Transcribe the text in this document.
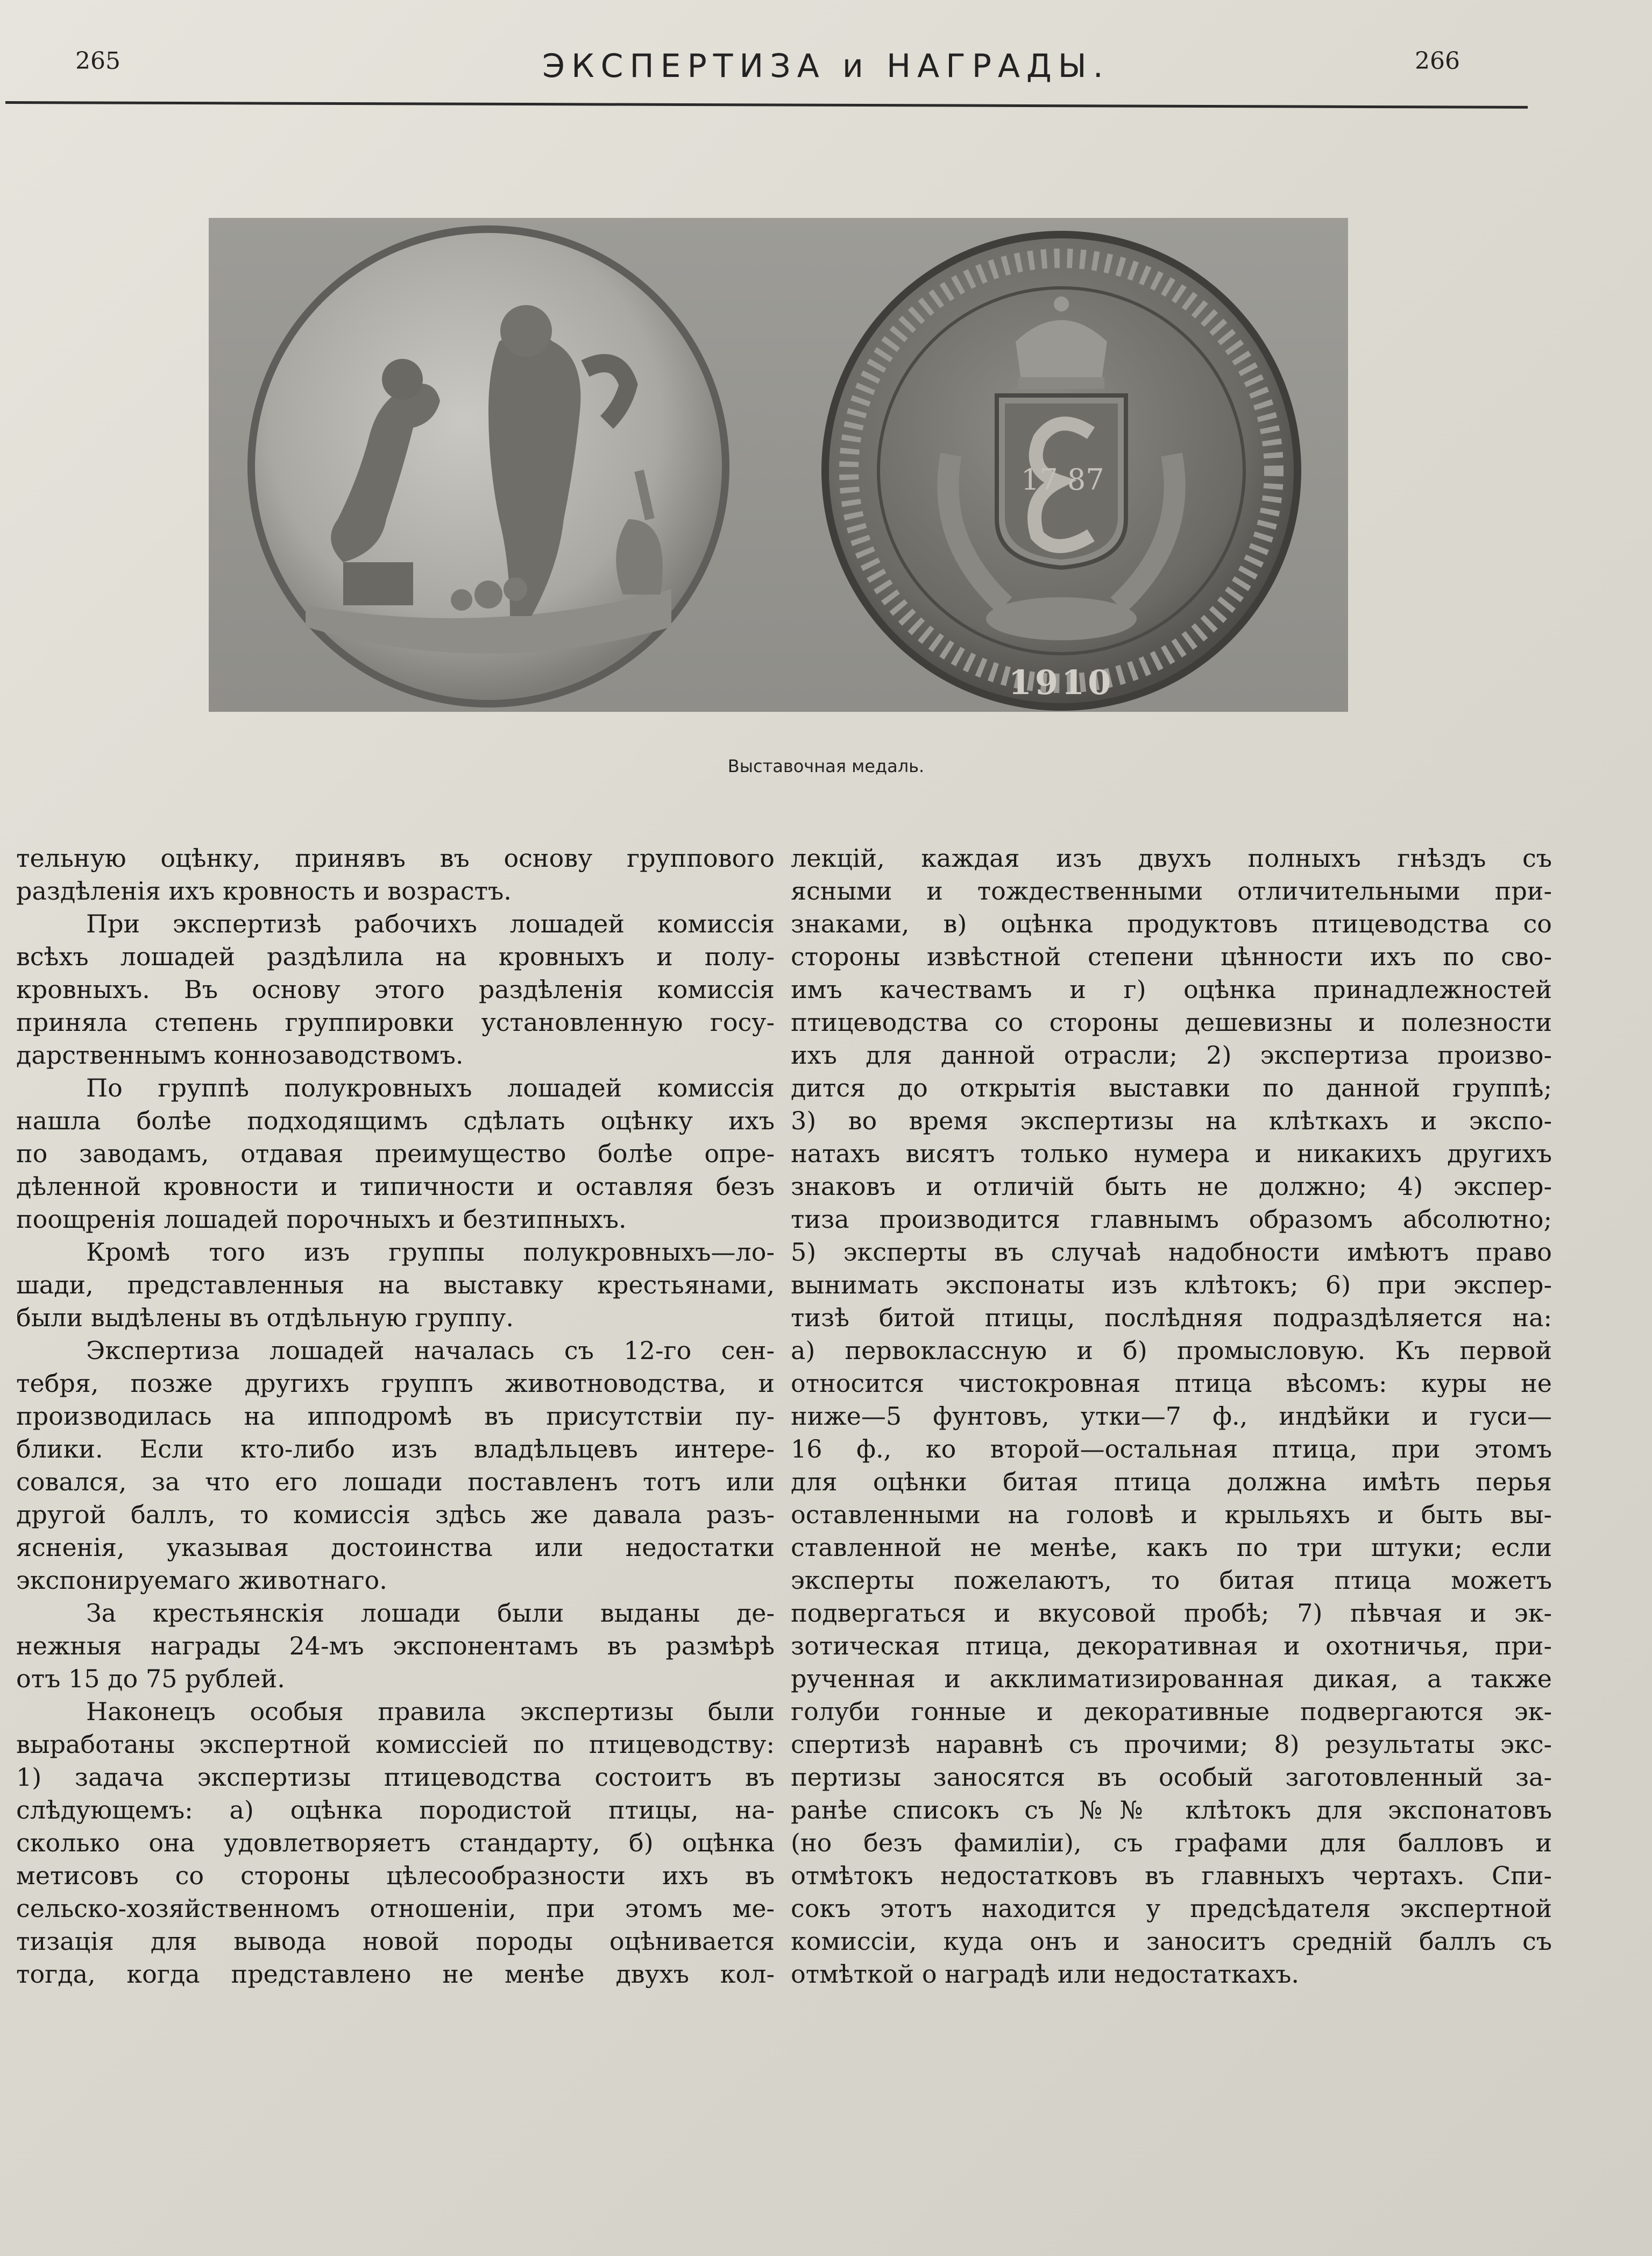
265	ЭКСПЕРТИЗА и НАГРАДЫ.	266
17 87
1910
Выставочная медаль.
тельную оцѣнку, принявъ въ основу группового
раздѣленія ихъ кровность и возрастъ.
При экспертизѣ рабочихъ лошадей комиссія
всѣхъ лошадей раздѣлила на кровныхъ и полу-
кровныхъ. Въ основу этого раздѣленія комиссія
приняла степень группировки установленную госу-
дарственнымъ коннозаводствомъ.
По группѣ полукровныхъ лошадей комиссія
нашла болѣе подходящимъ сдѣлать оцѣнку ихъ
по заводамъ, отдавая преимущество болѣе опре-
дѣленной кровности и типичности и оставляя безъ
поощренія лошадей порочныхъ и безтипныхъ.
Кромѣ того изъ группы полукровныхъ—ло-
шади, представленныя на выставку крестьянами,
были выдѣлены въ отдѣльную группу.
Экспертиза лошадей началась съ 12-го сен-
тебря, позже другихъ группъ животноводства, и
производилась на ипподромѣ въ присутствіи пу-
блики. Если кто-либо изъ владѣльцевъ интере-
совался, за что его лошади поставленъ тотъ или
другой баллъ, то комиссія здѣсь же давала разъ-
ясненія, указывая достоинства или недостатки
экспонируемаго животнаго.
За крестьянскія лошади были выданы де-
нежныя награды 24-мъ экспонентамъ въ размѣрѣ
отъ 15 до 75 рублей.
Наконецъ особыя правила экспертизы были
выработаны экспертной комиссіей по птицеводству:
1) задача экспертизы птицеводства состоитъ въ
слѣдующемъ: а) оцѣнка породистой птицы, на-
сколько она удовлетворяетъ стандарту, б) оцѣнка
метисовъ со стороны цѣлесообразности ихъ въ
сельско-хозяйственномъ отношеніи, при этомъ ме-
тизація для вывода новой породы оцѣнивается
тогда, когда представлено не менѣе двухъ кол-
лекцій, каждая изъ двухъ полныхъ гнѣздъ съ
ясными и тождественными отличительными при-
знаками, в) оцѣнка продуктовъ птицеводства со
стороны извѣстной степени цѣнности ихъ по сво-
имъ качествамъ и г) оцѣнка принадлежностей
птицеводства со стороны дешевизны и полезности
ихъ для данной отрасли; 2) экспертиза произво-
дится до открытія выставки по данной группѣ;
3) во время экспертизы на клѣткахъ и экспо-
натахъ висятъ только нумера и никакихъ другихъ
знаковъ и отличій быть не должно; 4) экспер-
тиза производится главнымъ образомъ абсолютно;
5) эксперты въ случаѣ надобности имѣютъ право
вынимать экспонаты изъ клѣтокъ; 6) при экспер-
тизѣ битой птицы, послѣдняя подраздѣляется на:
а) первоклассную и б) промысловую. Къ первой
относится чистокровная птица вѣсомъ: куры не
ниже—5 фунтовъ, утки—7 ф., индѣйки и гуси—
16 ф., ко второй—остальная птица, при этомъ
для оцѣнки битая птица должна имѣть перья
оставленными на головѣ и крыльяхъ и быть вы-
ставленной не менѣе, какъ по три штуки; если
эксперты пожелаютъ, то битая птица можетъ
подвергаться и вкусовой пробѣ; 7) пѣвчая и эк-
зотическая птица, декоративная и охотничья, при-
рученная и акклиматизированная дикая, а также
голуби гонные и декоративные подвергаются эк-
спертизѣ наравнѣ съ прочими; 8) результаты экс-
пертизы заносятся въ особый заготовленный за-
ранѣе списокъ съ №№ клѣтокъ для экспонатовъ
(но безъ фамиліи), съ графами для балловъ и
отмѣтокъ недостатковъ въ главныхъ чертахъ. Спи-
сокъ этотъ находится у предсѣдателя экспертной
комиссіи, куда онъ и заноситъ средній баллъ съ
отмѣткой о наградѣ или недостаткахъ.
